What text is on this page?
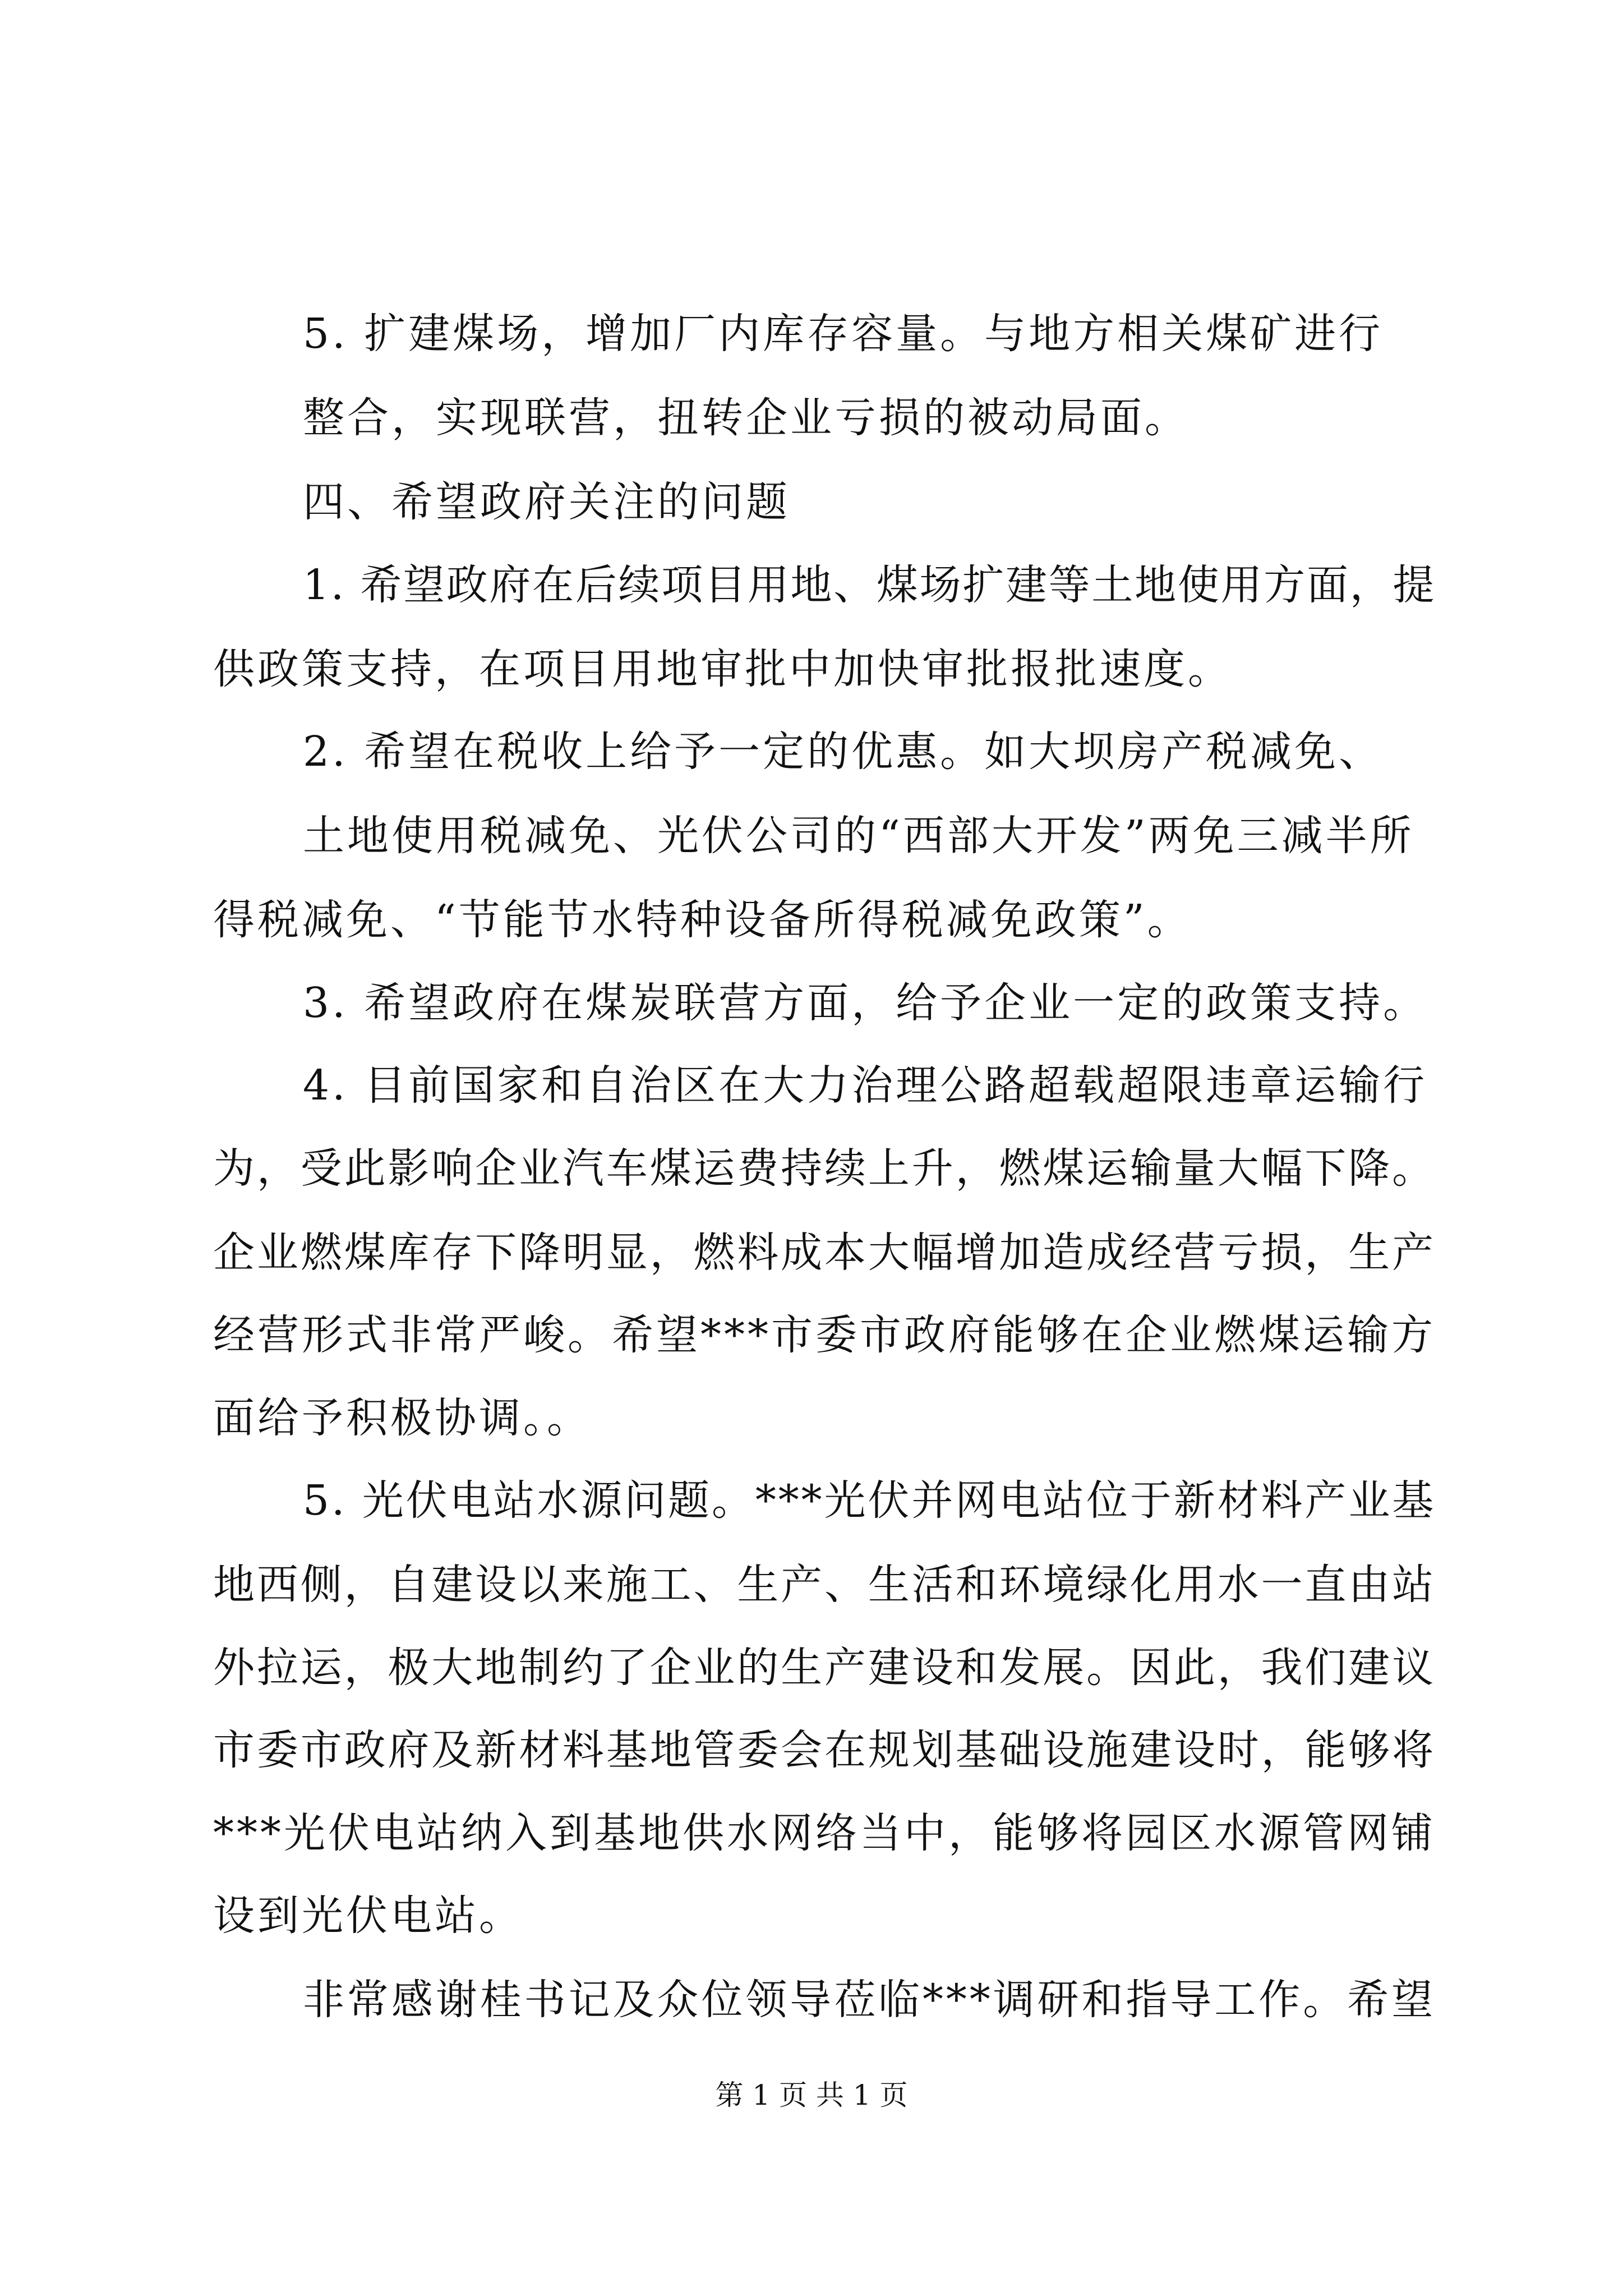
5. 扩建煤场，增加厂内库存容量。与地方相关煤矿进行
整合，实现联营，扭转企业亏损的被动局面。
四、希望政府关注的问题
1. 希望政府在后续项目用地、煤场扩建等土地使用方面，提
供政策支持，在项目用地审批中加快审批报批速度。
2. 希望在税收上给予一定的优惠。如大坝房产税减免、
土地使用税减免、光伏公司的“西部大开发”两免三减半所
得税减免、“节能节水特种设备所得税减免政策”。
3. 希望政府在煤炭联营方面，给予企业一定的政策支持。
4. 目前国家和自治区在大力治理公路超载超限违章运输行
为，受此影响企业汽车煤运费持续上升，燃煤运输量大幅下降。
企业燃煤库存下降明显，燃料成本大幅增加造成经营亏损，生产
经营形式非常严峻。希望***市委市政府能够在企业燃煤运输方
面给予积极协调。。
5. 光伏电站水源问题。***光伏并网电站位于新材料产业基
地西侧，自建设以来施工、生产、生活和环境绿化用水一直由站
外拉运，极大地制约了企业的生产建设和发展。因此，我们建议
市委市政府及新材料基地管委会在规划基础设施建设时，能够将
***光伏电站纳入到基地供水网络当中，能够将园区水源管网铺
设到光伏电站。
非常感谢桂书记及众位领导莅临***调研和指导工作。希望
第 1 页 共 1 页
